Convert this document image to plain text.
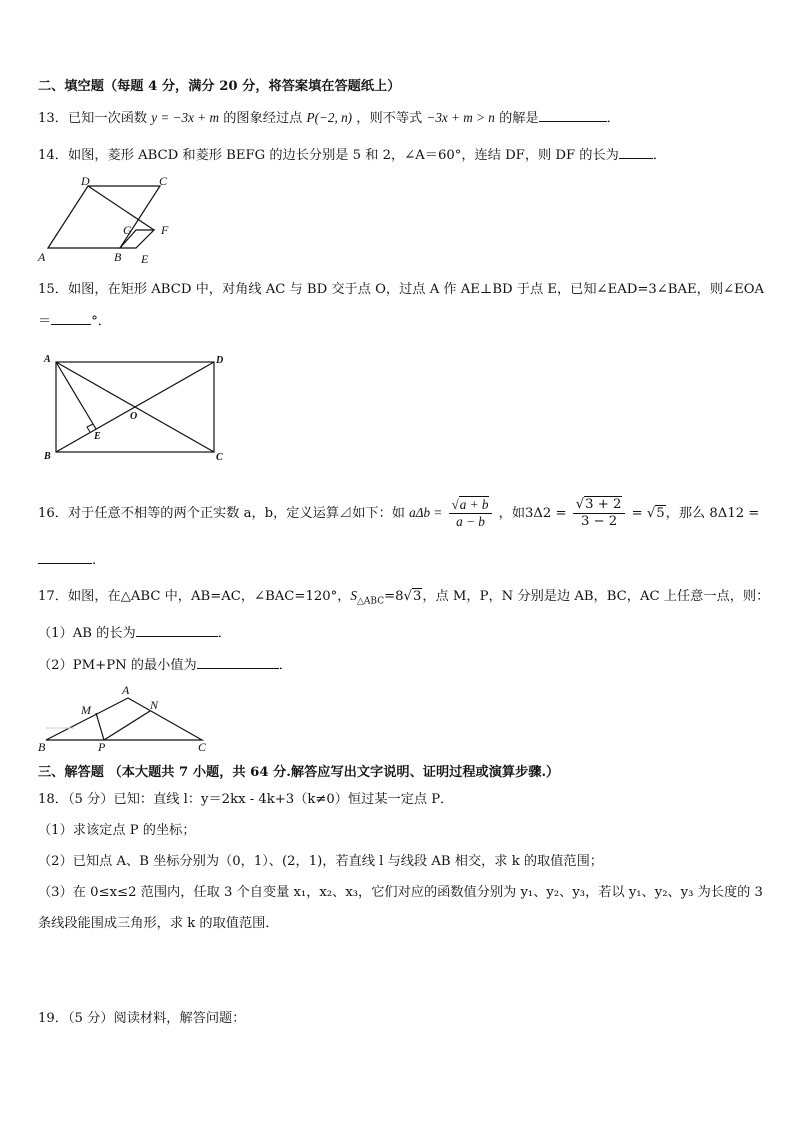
二、填空题（每题 4 分，满分 20 分，将答案填在答题纸上）
13．已知一次函数 y = −3x + m 的图象经过点 P(−2, n) ，则不等式 −3x + m > n 的解是	．
14．如图，菱形 ABCD 和菱形 BEFG 的边长分别是 5 和 2，∠A＝60°，连结 DF，则 DF 的长为	．
A	B
C
D
E
F
G
15．如图，在矩形 ABCD 中，对角线 AC 与 BD 交于点 O，过点 A 作 AE⊥BD 于点 E，已知∠EAD=3∠BAE，则∠EOA
＝	°．
A
B	C
D
O
E
16．对于任意不相等的两个正实数 a，b，定义运算⊿如下：如 $a\Delta b = \frac{√a + b}{a - b}$ ，如$3\Delta 2 = \frac{√3 + 2}{3 - 2} = √5$，那么 8Δ12 =
.
17．如图，在△ABC 中，AB=AC，∠BAC=120°，$S_{\triangle ABC}=8√3$，点 M，P，N 分别是边 AB，BC，AC 上任意一点，则：
（1）AB 的长为	．
（2）PM+PN 的最小值为	．
A
B	C
M	N
P
三、解答题 （本大题共 7 小题，共 64 分.解答应写出文字说明、证明过程或演算步骤.）
18．（5 分）已知：直线 l：y＝2kx - 4k+3（k≠0）恒过某一定点 P．
（1）求该定点 P 的坐标；
（2）已知点 A、B 坐标分别为（0，1）、(2，1)，若直线 l 与线段 AB 相交，求 k 的取值范围；
（3）在 0≤x≤2 范围内，任取 3 个自变量 x₁，x₂、x₃，它们对应的函数值分别为 y₁、y₂、y₃，若以 y₁、y₂、y₃ 为长度的 3
条线段能围成三角形，求 k 的取值范围．
19．（5 分）阅读材料，解答问题：
